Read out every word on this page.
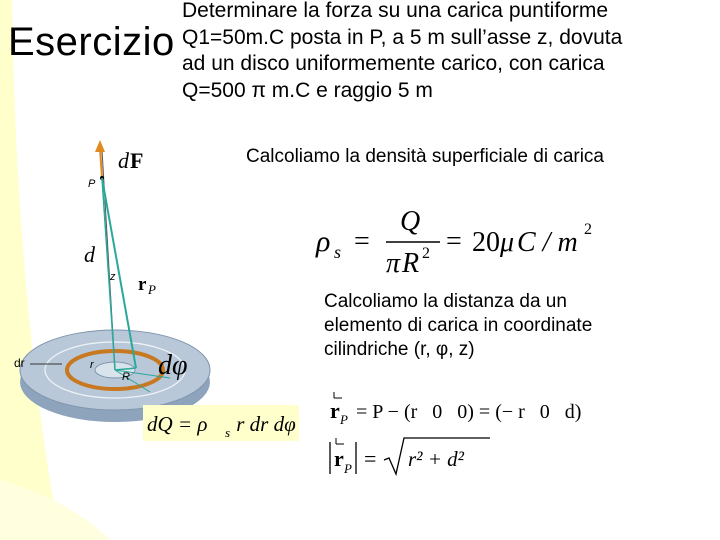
Esercizio

Determinare la forza su una carica puntiforme

Q1=50m.C posta in P, a 5 m sull’asse z, dovuta

ad un disco uniformemente carico, con carica

Q=500 π m.C e raggio 5 m

Calcoliamo la densità superficiale di carica
ρ s =
Q
π R 2 = 20 μ C / m 2

Calcoliamo la distanza da un

elemento di carica in coordinate

cilindriche (r, φ, z)

r P = P − (r   0   0) = (− r   0   d)
r P = r² + d²
d F
P
d
z r P
dr	r
R dφ
dQ = ρ s r dr dφ
